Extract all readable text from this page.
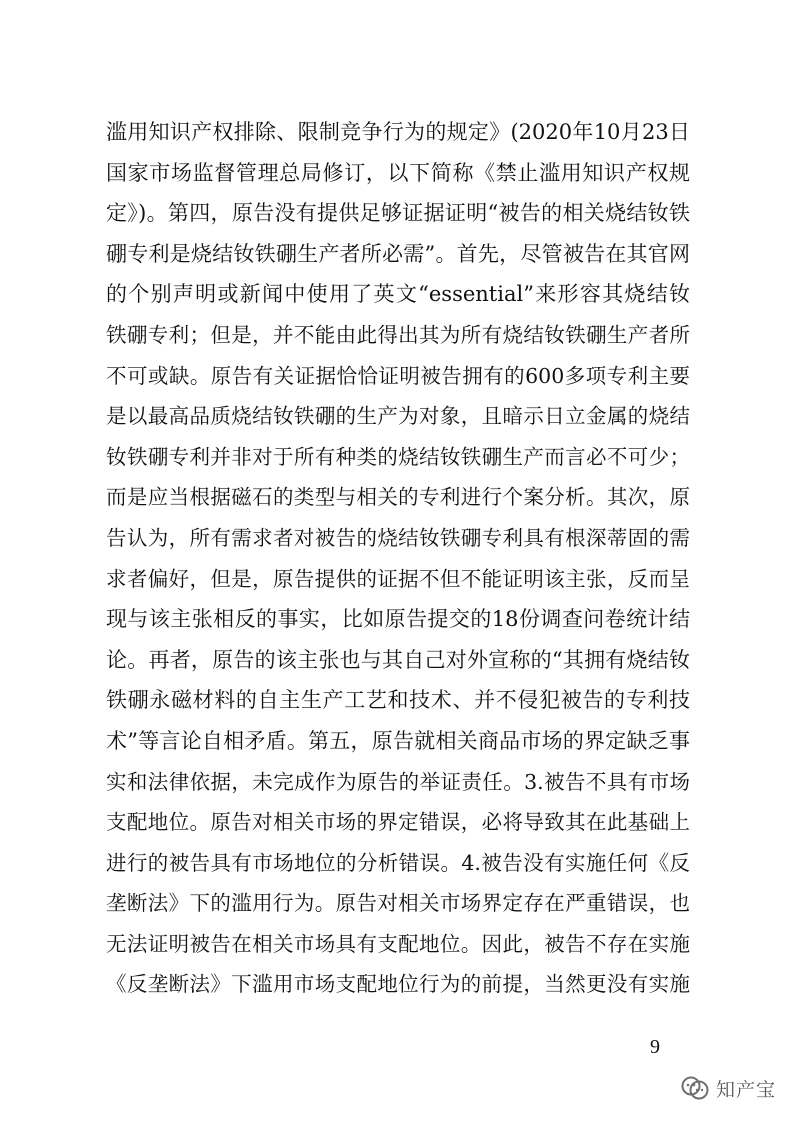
滥用知识产权排除、限制竞争行为的规定》(2020年10月23日
国家市场监督管理总局修订，以下简称《禁止滥用知识产权规
定》)。第四，原告没有提供足够证据证明“被告的相关烧结钕铁
硼专利是烧结钕铁硼生产者所必需”。首先，尽管被告在其官网
的个别声明或新闻中使用了英文“essential”来形容其烧结钕
铁硼专利；但是，并不能由此得出其为所有烧结钕铁硼生产者所
不可或缺。原告有关证据恰恰证明被告拥有的600多项专利主要
是以最高品质烧结钕铁硼的生产为对象，且暗示日立金属的烧结
钕铁硼专利并非对于所有种类的烧结钕铁硼生产而言必不可少；
而是应当根据磁石的类型与相关的专利进行个案分析。其次，原
告认为，所有需求者对被告的烧结钕铁硼专利具有根深蒂固的需
求者偏好，但是，原告提供的证据不但不能证明该主张，反而呈
现与该主张相反的事实，比如原告提交的18份调查问卷统计结
论。再者，原告的该主张也与其自己对外宣称的“其拥有烧结钕
铁硼永磁材料的自主生产工艺和技术、并不侵犯被告的专利技
术”等言论自相矛盾。第五，原告就相关商品市场的界定缺乏事
实和法律依据，未完成作为原告的举证责任。3.被告不具有市场
支配地位。原告对相关市场的界定错误，必将导致其在此基础上
进行的被告具有市场地位的分析错误。4.被告没有实施任何《反
垄断法》下的滥用行为。原告对相关市场界定存在严重错误，也
无法证明被告在相关市场具有支配地位。因此，被告不存在实施
《反垄断法》下滥用市场支配地位行为的前提，当然更没有实施
9
知产宝
